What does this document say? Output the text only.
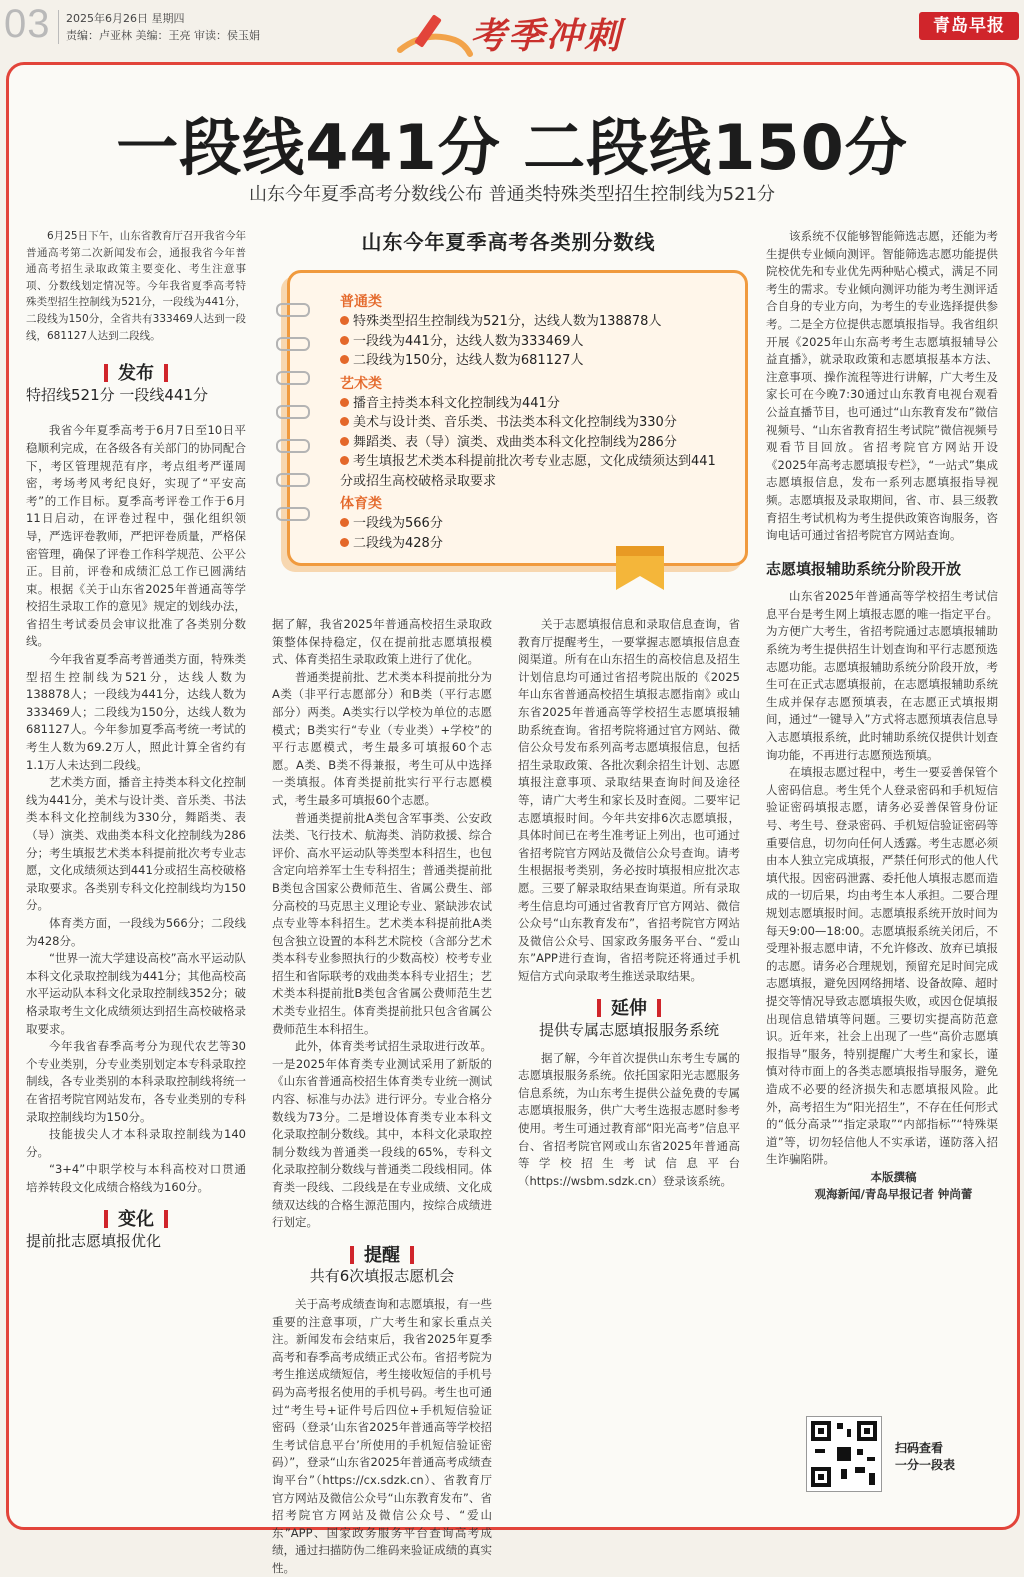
03 2025年6月26日 星期四
责编：卢亚林 美编：王亮 审读：侯玉娟	考季冲刺	青岛早报
一段线441分 二段线150分
山东今年夏季高考分数线公布 普通类特殊类型招生控制线为521分

6月25日下午，山东省教育厅召开我省今年普通高考第二次新闻发布会，通报我省今年普通高考招生录取政策主要变化、考生注意事项、分数线划定情况等。今年我省夏季高考特殊类型招生控制线为521分，一段线为441分，二段线为150分，全省共有333469人达到一段线，681127人达到二段线。

发布
特招线521分 一段线441分

我省今年夏季高考于6月7日至10日平稳顺利完成，在各级各有关部门的协同配合下，考区管理规范有序，考点组考严谨周密，考场考风考纪良好，实现了“平安高考”的工作目标。夏季高考评卷工作于6月11日启动，在评卷过程中，强化组织领导，严选评卷教师，严把评卷质量，严格保密管理，确保了评卷工作科学规范、公平公正。目前，评卷和成绩汇总工作已圆满结束。根据《关于山东省2025年普通高等学校招生录取工作的意见》规定的划线办法，省招生考试委员会审议批准了各类别分数线。

今年我省夏季高考普通类方面，特殊类型招生控制线为521分，达线人数为138878人；一段线为441分，达线人数为333469人；二段线为150分，达线人数为681127人。今年参加夏季高考统一考试的考生人数为69.2万人，照此计算全省约有1.1万人未达到二段线。

艺术类方面，播音主持类本科文化控制线为441分，美术与设计类、音乐类、书法类本科文化控制线为330分，舞蹈类、表（导）演类、戏曲类本科文化控制线为286分；考生填报艺术类本科提前批次考专业志愿，文化成绩须达到441分或招生高校破格录取要求。各类别专科文化控制线均为150分。

体育类方面，一段线为566分；二段线为428分。

“世界一流大学建设高校”高水平运动队本科文化录取控制线为441分；其他高校高水平运动队本科文化录取控制线352分；破格录取考生文化成绩须达到招生高校破格录取要求。

今年我省春季高考分为现代农艺等30个专业类别，分专业类别划定本专科录取控制线，各专业类别的本科录取控制线将统一在省招考院官网站发布，各专业类别的专科录取控制线均为150分。

技能拔尖人才本科录取控制线为140分。

“3+4”中职学校与本科高校对口贯通培养转段文化成绩合格线为160分。

变化
提前批志愿填报优化
山东今年夏季高考各类别分数线
普通类
特殊类型招生控制线为521分，达线人数为138878人
一段线为441分，达线人数为333469人
二段线为150分，达线人数为681127人
艺术类
播音主持类本科文化控制线为441分
美术与设计类、音乐类、书法类本科文化控制线为330分
舞蹈类、表（导）演类、戏曲类本科文化控制线为286分
考生填报艺术类本科提前批次考专业志愿，文化成绩须达到441分或招生高校破格录取要求
体育类
一段线为566分
二段线为428分

据了解，我省2025年普通高校招生录取政策整体保持稳定，仅在提前批志愿填报模式、体育类招生录取政策上进行了优化。

普通类提前批、艺术类本科提前批分为A类（非平行志愿部分）和B类（平行志愿部分）两类。A类实行以学校为单位的志愿模式；B类实行“专业（专业类）+学校”的平行志愿模式，考生最多可填报60个志愿。A类、B类不得兼报，考生可从中选择一类填报。体育类提前批实行平行志愿模式，考生最多可填报60个志愿。

普通类提前批A类包含军事类、公安政法类、飞行技术、航海类、消防救援、综合评价、高水平运动队等类型本科招生，也包含定向培养军士生专科招生；普通类提前批B类包含国家公费师范生、省属公费生、部分高校的马克思主义理论专业、紧缺涉农试点专业等本科招生。艺术类本科提前批A类包含独立设置的本科艺术院校（含部分艺术类本科专业参照执行的少数高校）校考专业招生和省际联考的戏曲类本科专业招生；艺术类本科提前批B类包含省属公费师范生艺术类专业招生。体育类提前批只包含省属公费师范生本科招生。

此外，体育类考试招生录取进行改革。一是2025年体育类专业测试采用了新版的《山东省普通高校招生体育类专业统一测试内容、标准与办法》进行评分。专业合格分数线为73分。二是增设体育类专业本科文化录取控制分数线。其中，本科文化录取控制分数线为普通类一段线的65%，专科文化录取控制分数线与普通类二段线相同。体育类一段线、二段线是在专业成绩、文化成绩双达线的合格生源范围内，按综合成绩进行划定。

提醒
共有6次填报志愿机会

关于高考成绩查询和志愿填报，有一些重要的注意事项，广大考生和家长重点关注。新闻发布会结束后，我省2025年夏季高考和春季高考成绩正式公布。省招考院为考生推送成绩短信，考生接收短信的手机号码为高考报名使用的手机号码。考生也可通过“考生号+证件号后四位+手机短信验证密码（登录‘山东省2025年普通高等学校招生考试信息平台’所使用的手机短信验证密码）”，登录“山东省2025年普通高考成绩查询平台”（https://cx.sdzk.cn）、省教育厅官方网站及微信公众号“山东教育发布”、省招考院官方网站及微信公众号、“爱山东”APP、国家政务服务平台查询高考成绩，通过扫描防伪二维码来验证成绩的真实性。

关于志愿填报信息和录取信息查询，省教育厅提醒考生，一要掌握志愿填报信息查阅渠道。所有在山东招生的高校信息及招生计划信息均可通过省招考院出版的《2025年山东省普通高校招生填报志愿指南》或山东省2025年普通高等学校招生志愿填报辅助系统查询。省招考院将通过官方网站、微信公众号发布系列高考志愿填报信息，包括招生录取政策、各批次剩余招生计划、志愿填报注意事项、录取结果查询时间及途径等，请广大考生和家长及时查阅。二要牢记志愿填报时间。今年共安排6次志愿填报，具体时间已在考生准考证上列出，也可通过省招考院官方网站及微信公众号查询。请考生根据报考类别，务必按时填报相应批次志愿。三要了解录取结果查询渠道。所有录取考生信息均可通过省教育厅官方网站、微信公众号“山东教育发布”，省招考院官方网站及微信公众号、国家政务服务平台、“爱山东”APP进行查询，省招考院还将通过手机短信方式向录取考生推送录取结果。

延伸
提供专属志愿填报服务系统

据了解，今年首次提供山东考生专属的志愿填报服务系统。依托国家阳光志愿服务信息系统，为山东考生提供公益免费的专属志愿填报服务，供广大考生选报志愿时参考使用。考生可通过教育部“阳光高考”信息平台、省招考院官网或山东省2025年普通高等学校招生考试信息平台（https://wsbm.sdzk.cn）登录该系统。

该系统不仅能够智能筛选志愿，还能为考生提供专业倾向测评。智能筛选志愿功能提供院校优先和专业优先两种贴心模式，满足不同考生的需求。专业倾向测评功能为考生测评适合自身的专业方向，为考生的专业选择提供参考。二是全方位提供志愿填报指导。我省组织开展《2025年山东高考考生志愿填报辅导公益直播》，就录取政策和志愿填报基本方法、注意事项、操作流程等进行讲解，广大考生及家长可在今晚7:30通过山东教育电视台观看公益直播节目，也可通过“山东教育发布”微信视频号、“山东省教育招生考试院”微信视频号观看节目回放。省招考院官方网站开设《2025年高考志愿填报专栏》，“一站式”集成志愿填报信息，发布一系列志愿填报指导视频。志愿填报及录取期间，省、市、县三级教育招生考试机构为考生提供政策咨询服务，咨询电话可通过省招考院官方网站查询。

志愿填报辅助系统分阶段开放

山东省2025年普通高等学校招生考试信息平台是考生网上填报志愿的唯一指定平台。为方便广大考生，省招考院通过志愿填报辅助系统为考生提供招生计划查询和平行志愿预选志愿功能。志愿填报辅助系统分阶段开放，考生可在正式志愿填报前，在志愿填报辅助系统生成并保存志愿预填表，在志愿正式填报期间，通过“一键导入”方式将志愿预填表信息导入志愿填报系统，此时辅助系统仅提供计划查询功能，不再进行志愿预选预填。

在填报志愿过程中，考生一要妥善保管个人密码信息。考生凭个人登录密码和手机短信验证密码填报志愿，请务必妥善保管身份证号、考生号、登录密码、手机短信验证密码等重要信息，切勿向任何人透露。考生志愿必须由本人独立完成填报，严禁任何形式的他人代填代报。因密码泄露、委托他人填报志愿而造成的一切后果，均由考生本人承担。二要合理规划志愿填报时间。志愿填报系统开放时间为每天9:00—18:00。志愿填报系统关闭后，不受理补报志愿申请，不允许修改、放弃已填报的志愿。请务必合理规划，预留充足时间完成志愿填报，避免因网络拥堵、设备故障、超时提交等情况导致志愿填报失败，或因仓促填报出现信息错填等问题。三要切实提高防范意识。近年来，社会上出现了一些“高价志愿填报指导”服务，特别提醒广大考生和家长，谨慎对待市面上的各类志愿填报指导服务，避免造成不必要的经济损失和志愿填报风险。此外，高考招生为“阳光招生”，不存在任何形式的“低分高录”“指定录取”“内部指标”“特殊渠道”等，切勿轻信他人不实承诺，谨防落入招生诈骗陷阱。

本版撰稿

观海新闻/青岛早报记者 钟尚蕾

扫码查看
一分一段表
